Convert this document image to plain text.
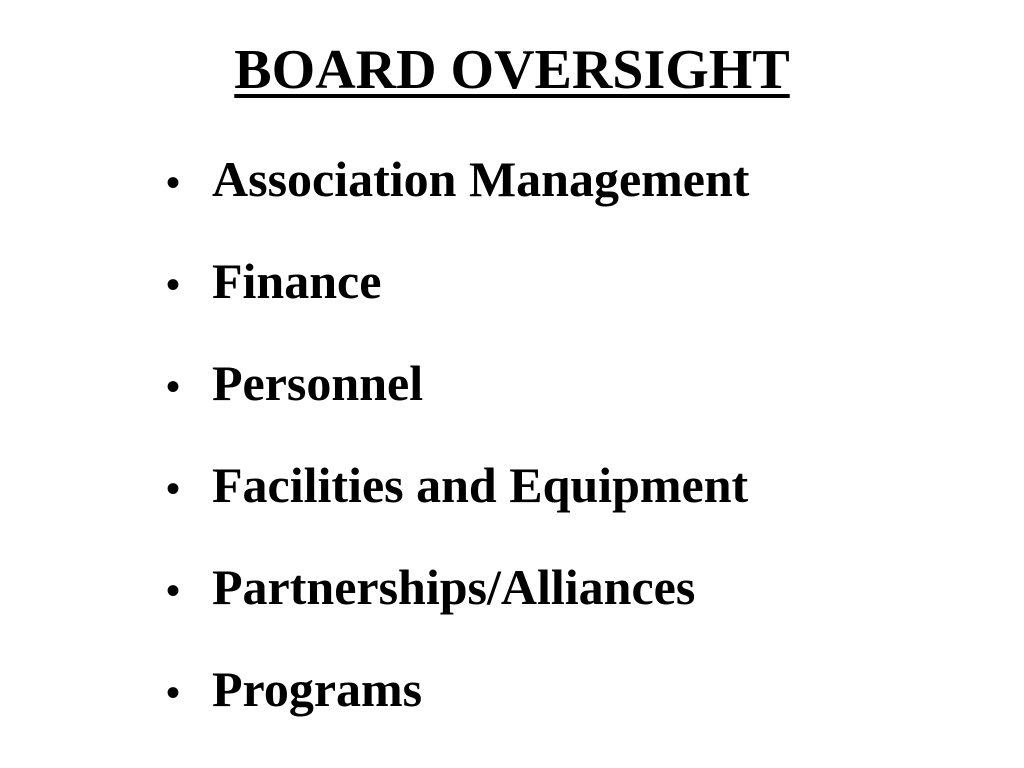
BOARD OVERSIGHT
• Association Management
• Finance
• Personnel
• Facilities and Equipment
• Partnerships/Alliances
• Programs
